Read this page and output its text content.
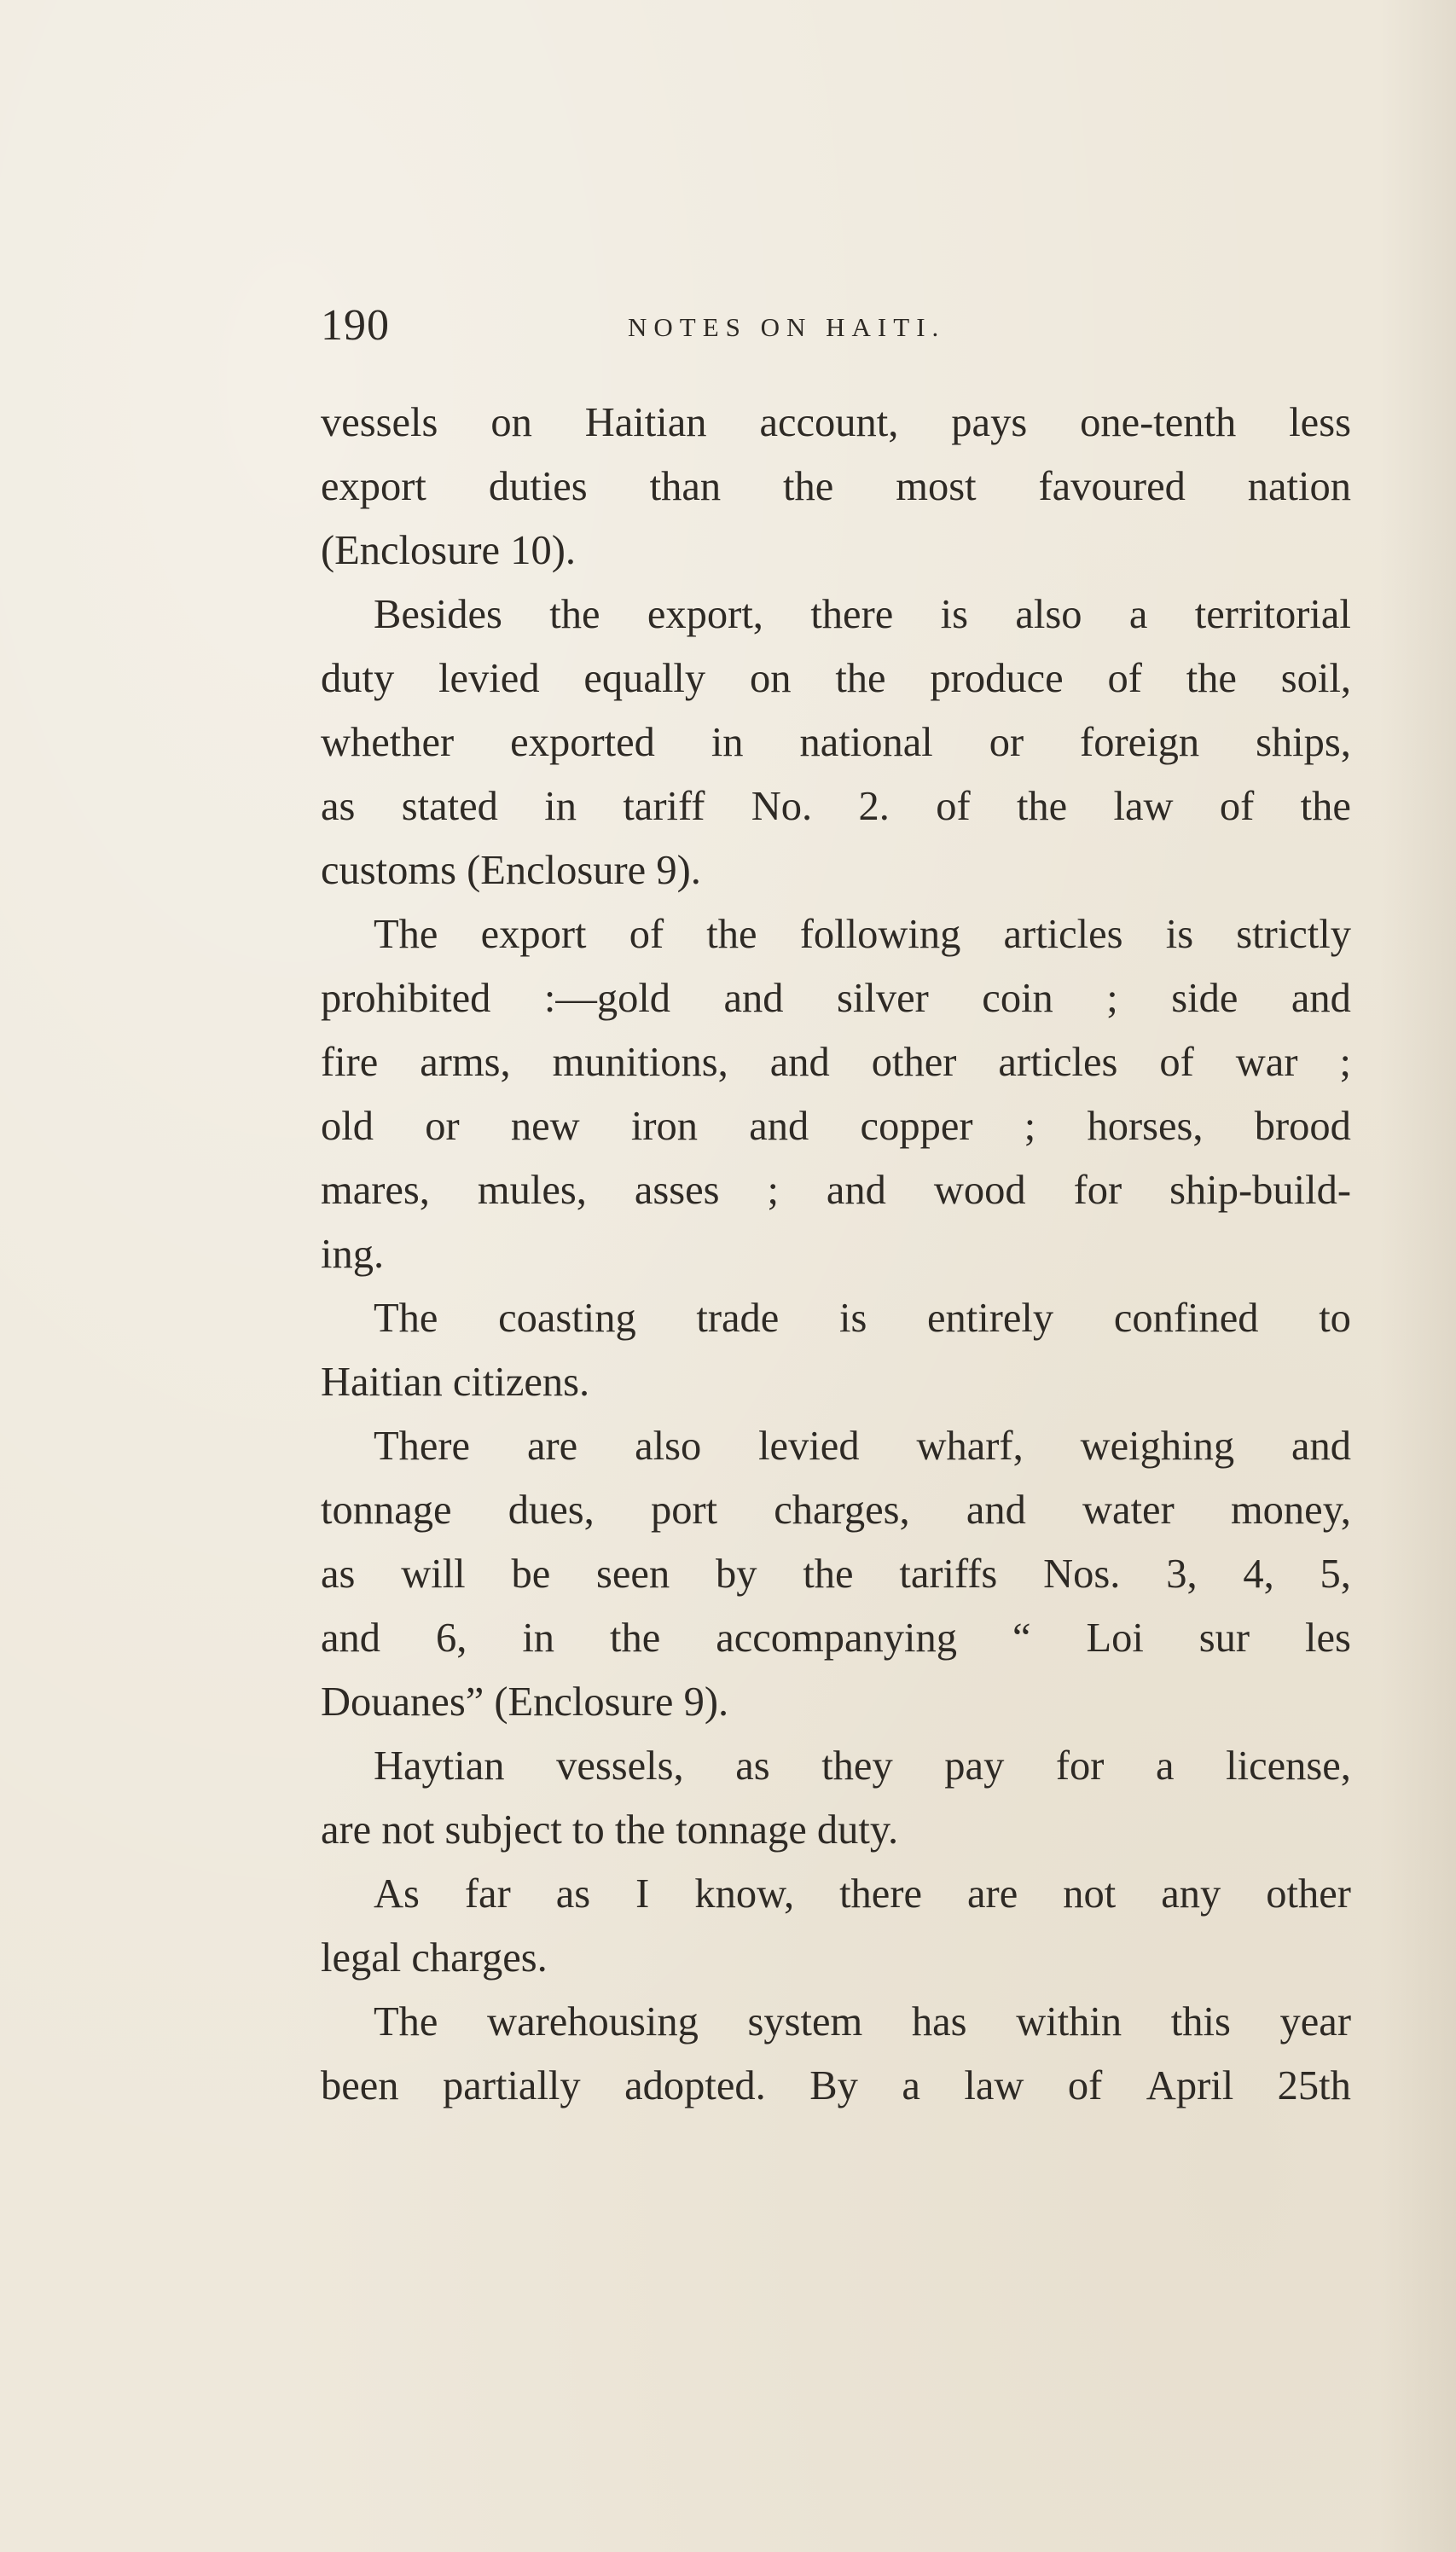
190	NOTES ON HAITI.
vessels on Haitian account, pays one-tenth less
export duties than the most favoured nation
(Enclosure 10).
Besides the export, there is also a territorial
duty levied equally on the produce of the soil,
whether exported in national or foreign ships,
as stated in tariff No. 2. of the law of the
customs (Enclosure 9).
The export of the following articles is strictly
prohibited :—gold and silver coin ; side and
fire arms, munitions, and other articles of war ;
old or new iron and copper ; horses, brood
mares, mules, asses ; and wood for ship-build-
ing.
The coasting trade is entirely confined to
Haitian citizens.
There are also levied wharf, weighing and
tonnage dues, port charges, and water money,
as will be seen by the tariffs Nos. 3, 4, 5,
and 6, in the accompanying “ Loi sur les
Douanes” (Enclosure 9).
Haytian vessels, as they pay for a license,
are not subject to the tonnage duty.
As far as I know, there are not any other
legal charges.
The warehousing system has within this year
been partially adopted. By a law of April 25th
